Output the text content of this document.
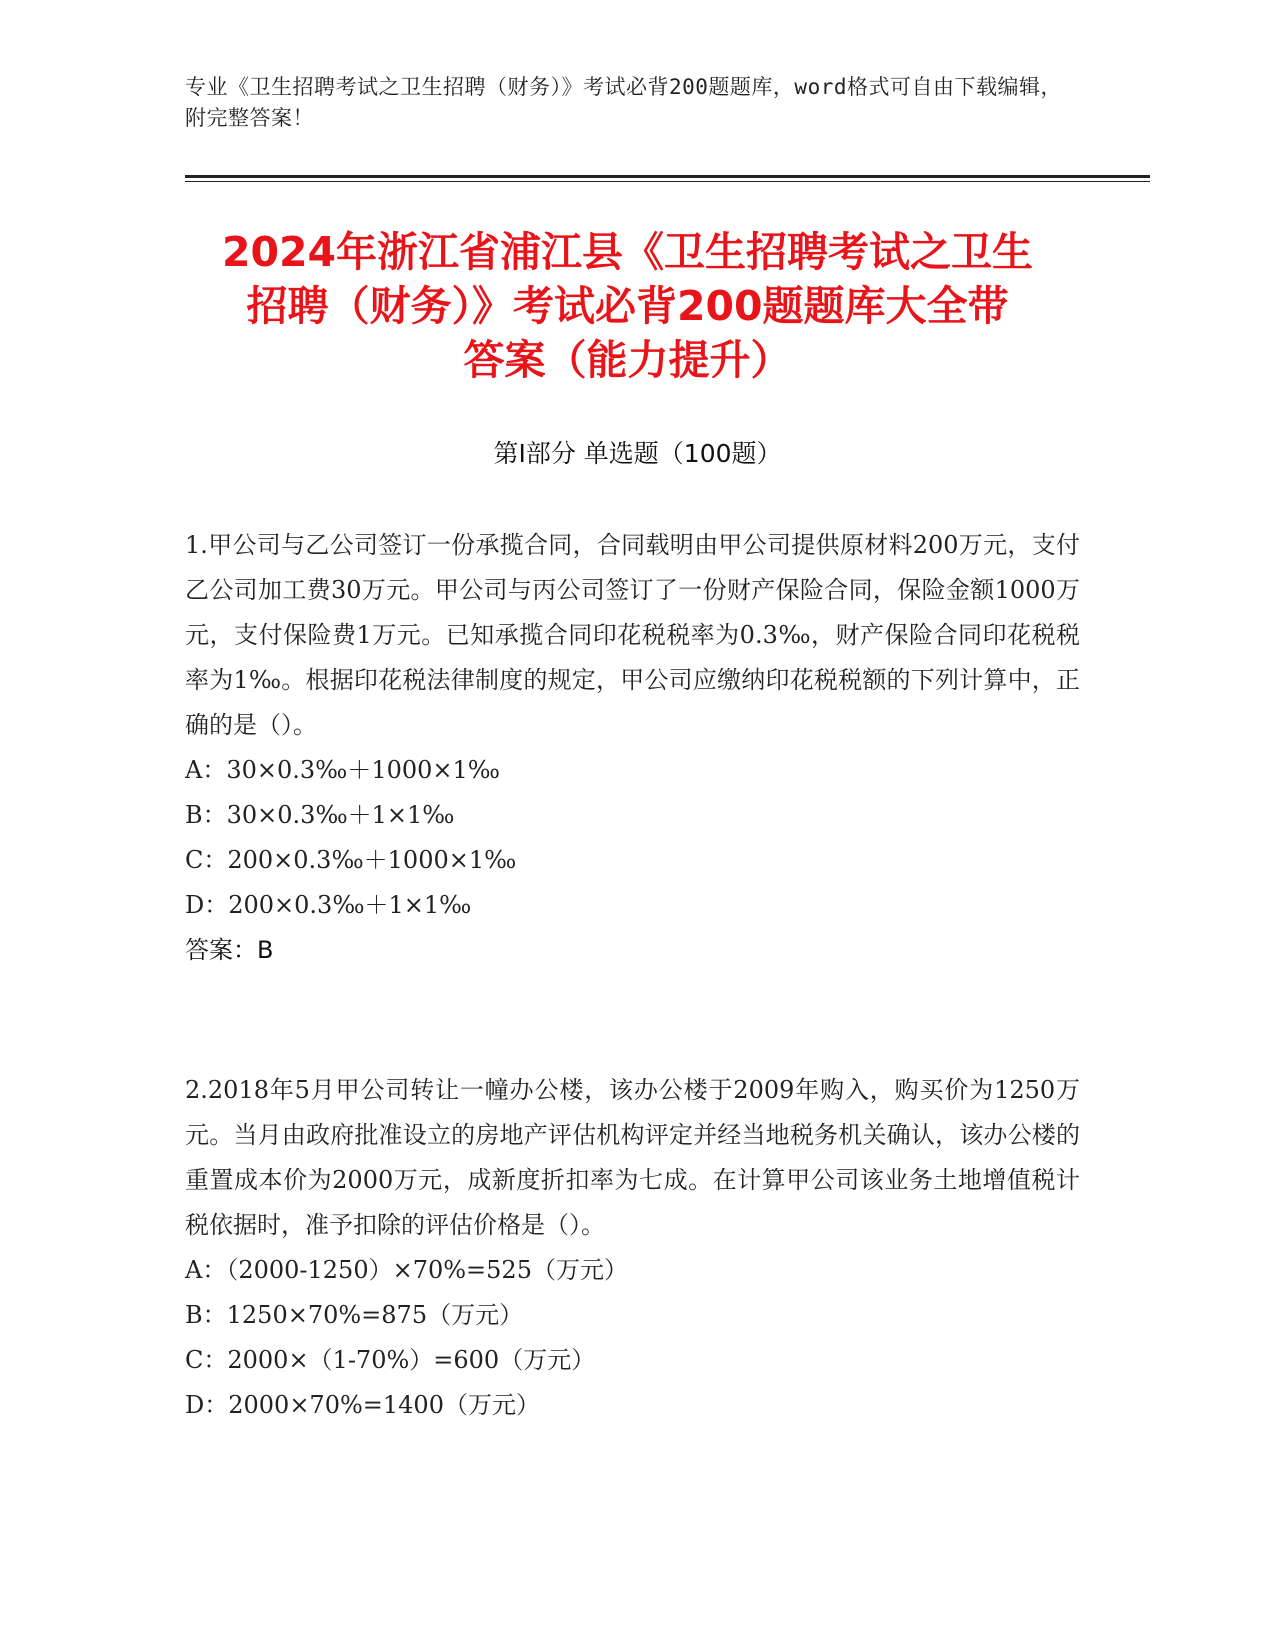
专业《卫生招聘考试之卫生招聘（财务）》考试必背200题题库，word格式可自由下载编辑，附完整答案！
2024年浙江省浦江县《卫生招聘考试之卫生
招聘（财务）》考试必背200题题库大全带
答案（能力提升）
第I部分 单选题（100题）
1.甲公司与乙公司签订一份承揽合同，合同载明由甲公司提供原材料200万元，支付乙公司加工费30万元。甲公司与丙公司签订了一份财产保险合同，保险金额1000万元，支付保险费1万元。已知承揽合同印花税税率为0.3‰，财产保险合同印花税税率为1‰。根据印花税法律制度的规定，甲公司应缴纳印花税税额的下列计算中，正确的是（）。
A：30×0.3‰＋1000×1‰
B：30×0.3‰＋1×1‰
C：200×0.3‰＋1000×1‰
D：200×0.3‰＋1×1‰
答案：B
2.2018年5月甲公司转让一幢办公楼，该办公楼于2009年购入，购买价为1250万元。当月由政府批准设立的房地产评估机构评定并经当地税务机关确认，该办公楼的重置成本价为2000万元，成新度折扣率为七成。在计算甲公司该业务土地增值税计税依据时，准予扣除的评估价格是（）。
A：（2000-1250）×70%=525（万元）
B：1250×70%=875（万元）
C：2000×（1-70%）=600（万元）
D：2000×70%=1400（万元）
